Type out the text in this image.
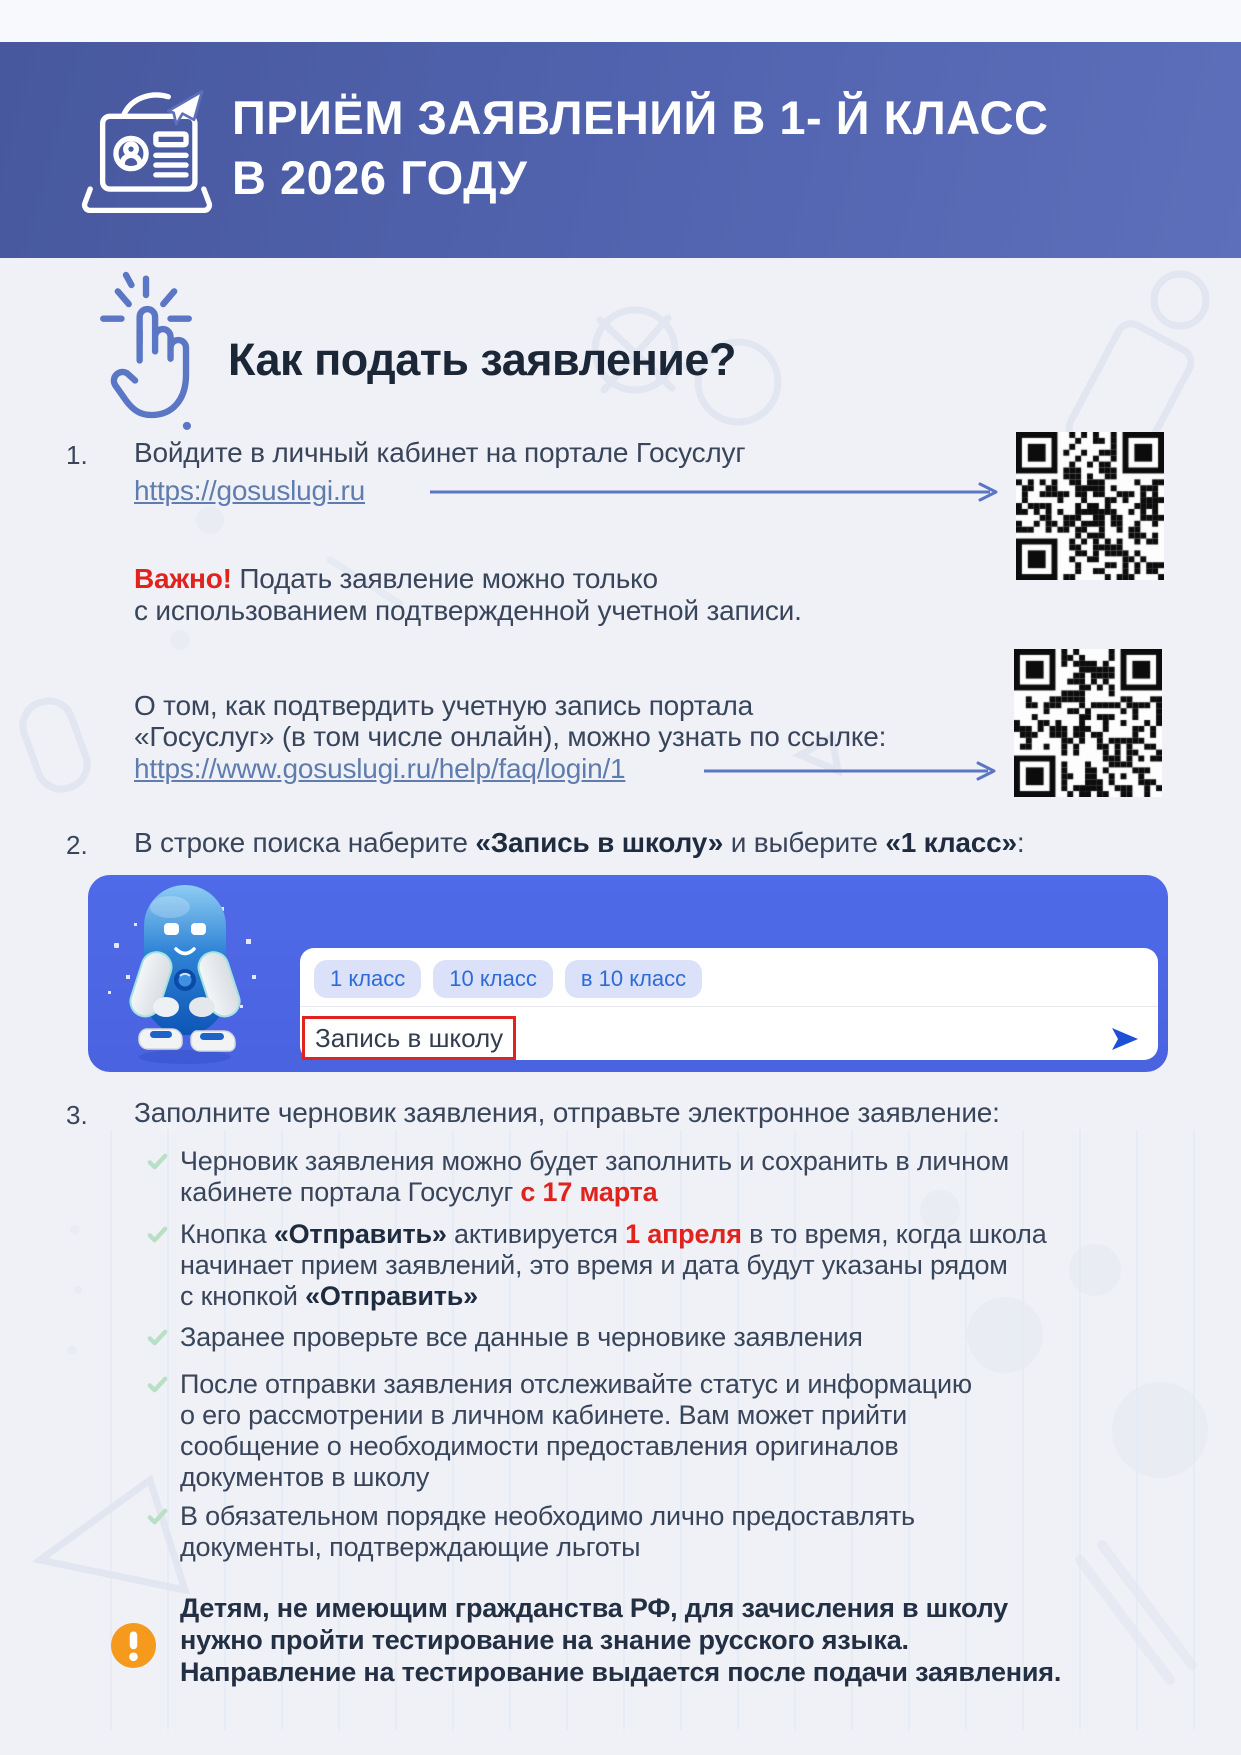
ПРИЁМ ЗАЯВЛЕНИЙ В 1- Й КЛАСС
В 2026 ГОДУ
Как подать заявление?
1. Войдите в личный кабинет на портале Госуслуг
https://gosuslugi.ru
Важно! Подать заявление можно только
с использованием подтвержденной учетной записи.
О том, как подтвердить учетную запись портала
«Госуслуг» (в том числе онлайн), можно узнать по ссылке:
https://www.gosuslugi.ru/help/faq/login/1
2. В строке поиска наберите «Запись в школу» и выберите «1 класс»:
1 класс	10 класс	в 10 класс
Запись в школу
3. Заполните черновик заявления, отправьте электронное заявление:
Черновик заявления можно будет заполнить и сохранить в личном
кабинете портала Госуслуг с 17 марта
Кнопка «Отправить» активируется 1 апреля в то время, когда школа
начинает прием заявлений, это время и дата будут указаны рядом
с кнопкой «Отправить»
Заранее проверьте все данные в черновике заявления
После отправки заявления отслеживайте статус и информацию
о его рассмотрении в личном кабинете. Вам может прийти
сообщение о необходимости предоставления оригиналов
документов в школу
В обязательном порядке необходимо лично предоставлять
документы, подтверждающие льготы
Детям, не имеющим гражданства РФ, для зачисления в школу
нужно пройти тестирование на знание русского языка.
Направление на тестирование выдается после подачи заявления.
